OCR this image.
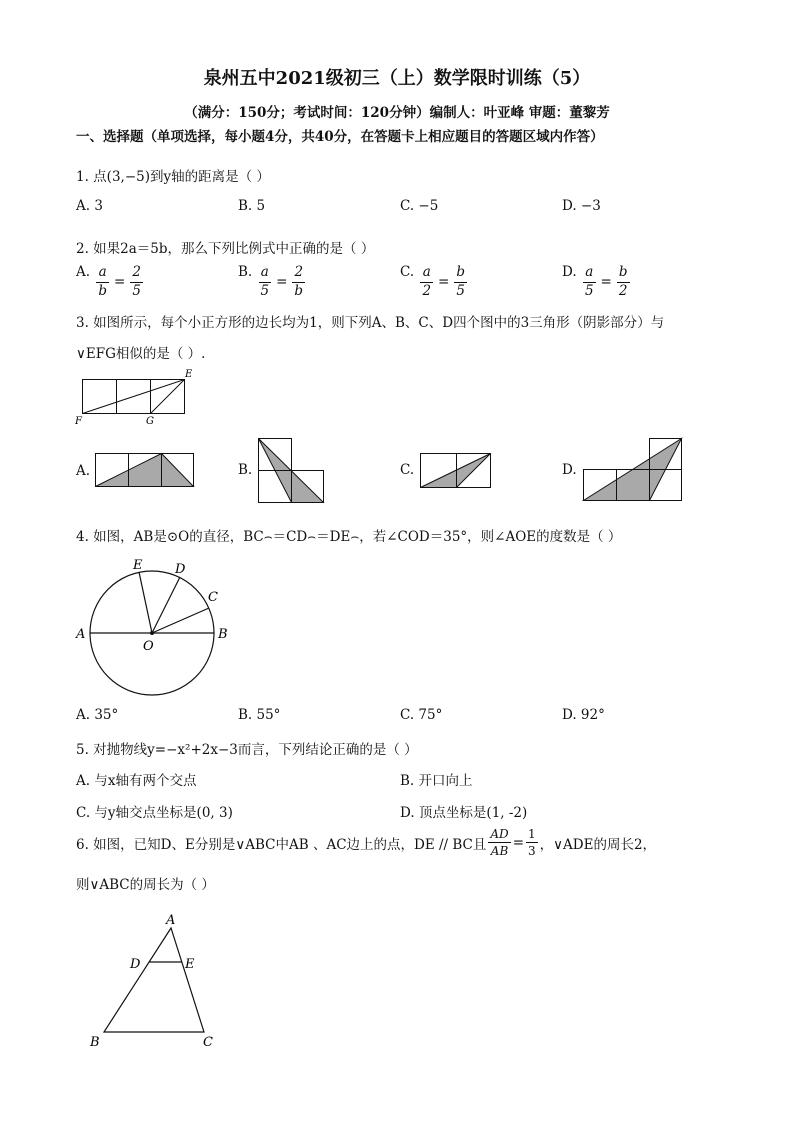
泉州五中2021级初三（上）数学限时训练（5）
（满分：150分；考试时间：120分钟）编制人：叶亚峰 审题：董黎芳
一、选择题（单项选择，每小题4分，共40分，在答题卡上相应题目的答题区域内作答）
1. 点(3,−5)到y轴的距离是（ ）
A. 3	B. 5	C. −5	D. −3
2. 如果2a＝5b，那么下列比例式中正确的是（ ）
A. $\frac{a}{b} = \frac{2}{5}$	B. $\frac{a}{5} = \frac{2}{b}$	C. $\frac{a}{2} = \frac{b}{5}$	D. $\frac{a}{5} = \frac{b}{2}$
3. 如图所示，每个小正方形的边长均为1，则下列A、B、C、D四个图中的3三角形（阴影部分）与
∨EFG相似的是（ ）.
E
F	G
A.	B.	C.	D.
4. 如图，AB是⊙O的直径，BC⌢＝CD⌢＝DE⌢，若∠COD＝35°，则∠AOE的度数是（ ）
A	B
C
D
E
O
A. 35°	B. 55°	C. 75°	D. 92°
5. 对抛物线y=−x²+2x−3而言，下列结论正确的是（ ）
A. 与x轴有两个交点	B. 开口向上
C. 与y轴交点坐标是(0, 3)	D. 顶点坐标是(1, -2)
6. 如图，已知D、E分别是∨ABC中AB 、AC边上的点，DE // BC且 $\frac{AD}{AB} = \frac{1}{3}$ ，∨ADE的周长2，
则∨ABC的周长为（ ）
A
D	E
B	C
